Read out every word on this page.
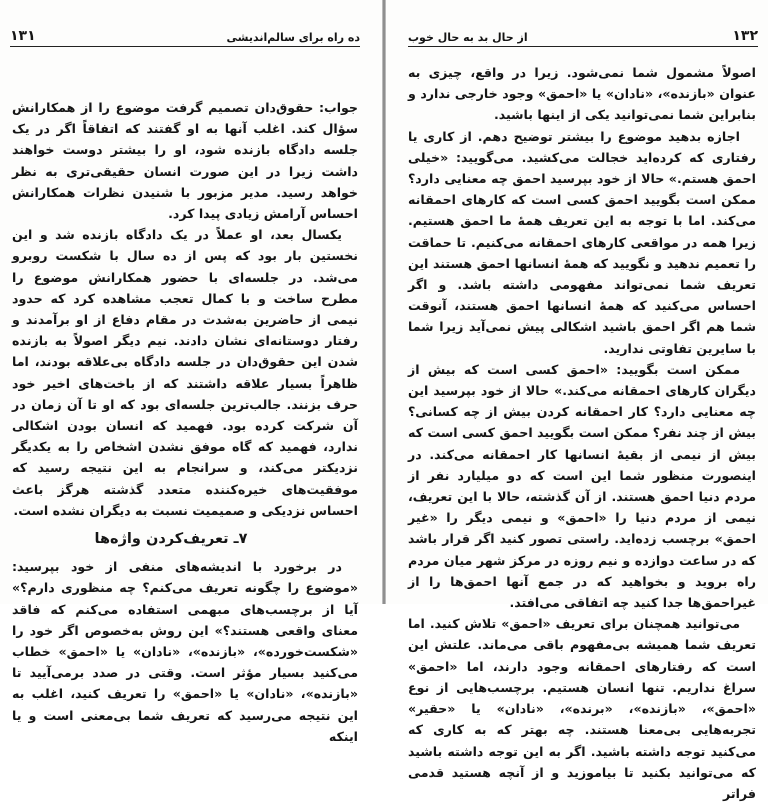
ده راه برای سالم‌اندیشی
۱۳۱

جواب: حقوق‌دان تصمیم گرفت موضوع را از همکارانش سؤال کند. اغلب آنها به او گفتند که اتفاقاً اگر در یک جلسه دادگاه بازنده شود، او را بیشتر دوست خواهند داشت زیرا در این صورت انسان حقیقی‌تری به نظر خواهد رسید. مدیر مزبور با شنیدن نظرات همکارانش احساس آرامش زیادی پیدا کرد.

یکسال بعد، او عملاً در یک دادگاه بازنده شد و این نخستین بار بود که پس از ده سال با شکست روبرو می‌شد. در جلسه‌ای با حضور همکارانش موضوع را مطرح ساخت و با کمال تعجب مشاهده کرد که حدود نیمی از حاضرین به‌شدت در مقام دفاع از او برآمدند و رفتار دوستانه‌ای نشان دادند. نیم دیگر اصولاً به بازنده شدن این حقوق‌دان در جلسه دادگاه بی‌علاقه بودند، اما ظاهراً بسیار علاقه داشتند که از باخت‌های اخیر خود حرف بزنند. جالب‌ترین جلسه‌ای بود که او تا آن زمان در آن شرکت کرده بود. فهمید که انسان بودن اشکالی ندارد، فهمید که گاه موفق نشدن اشخاص را به یکدیگر نزدیکتر می‌کند، و سرانجام به این نتیجه رسید که موفقیت‌های خیره‌کننده متعدد گذشته هرگز باعث احساس نزدیکی و صمیمیت نسبت به دیگران نشده است.

۷ـ تعریف‌کردن واژه‌ها

در برخورد با اندیشه‌های منفی از خود بپرسید: «موضوع را چگونه تعریف می‌کنم؟ چه منظوری دارم؟» آیا از برچسب‌های مبهمی استفاده می‌کنم که فاقد معنای واقعی هستند؟» این روش به‌خصوص اگر خود را «شکست‌خورده»، «بازنده»، «نادان» یا «احمق» خطاب می‌کنید بسیار مؤثر است. وقتی در صدد برمی‌آیید تا «بازنده»، «نادان» یا «احمق» را تعریف کنید، اغلب به این نتیجه می‌رسید که تعریف شما بی‌معنی است و یا اینکه

۱۳۲
از حال بد به حال خوب

اصولاً مشمول شما نمی‌شود. زیرا در واقع، چیزی به عنوان «بازنده»، «نادان» یا «احمق» وجود خارجی ندارد و بنابراین شما نمی‌توانید یکی از اینها باشید.

اجازه بدهید موضوع را بیشتر توضیح دهم. از کاری یا رفتاری که کرده‌اید خجالت می‌کشید. می‌گویید: «خیلی احمق هستم.» حالا از خود بپرسید احمق چه معنایی دارد؟ ممکن است بگویید احمق کسی است که کارهای احمقانه می‌کند. اما با توجه به این تعریف همهٔ ما احمق هستیم. زیرا همه در مواقعی کارهای احمقانه می‌کنیم. تا حماقت را تعمیم ندهید و نگویید که همهٔ انسانها احمق هستند این تعریف شما نمی‌تواند مفهومی داشته باشد. و اگر احساس می‌کنید که همهٔ انسانها احمق هستند، آنوقت شما هم اگر احمق باشید اشکالی پیش نمی‌آید زیرا شما با سایرین تفاوتی ندارید.

ممکن است بگویید: «احمق کسی است که بیش از دیگران کارهای احمقانه می‌کند.» حالا از خود بپرسید این چه معنایی دارد؟ کار احمقانه کردن بیش از چه کسانی؟ بیش از چند نفر؟ ممکن است بگویید احمق کسی است که بیش از نیمی از بقیهٔ انسانها کار احمقانه می‌کند. در اینصورت منظور شما این است که دو میلیارد نفر از مردم دنیا احمق هستند. از آن گذشته، حالا با این تعریف، نیمی از مردم دنیا را «احمق» و نیمی دیگر را «غیر احمق» برچسب زده‌اید. راستی تصور کنید اگر قرار باشد که در ساعت دوازده و نیم روزه در مرکز شهر میان مردم راه بروید و بخواهید که در جمع آنها احمق‌ها را از غیراحمق‌ها جدا کنید چه اتفاقی می‌افتد.

می‌توانید همچنان برای تعریف «احمق» تلاش کنید. اما تعریف شما همیشه بی‌مفهوم باقی می‌ماند. علتش این است که رفتارهای احمقانه وجود دارند، اما «احمق» سراغ نداریم. تنها انسان هستیم. برچسب‌هایی از نوع «احمق»، «بازنده»، «برنده»، «نادان» یا «حقیر» تجربه‌هایی بی‌معنا هستند. چه بهتر که به کاری که می‌کنید توجه داشته باشید. اگر به این توجه داشته باشید که می‌توانید بکنید تا بیاموزید و از آنچه هستید قدمی فراتر
